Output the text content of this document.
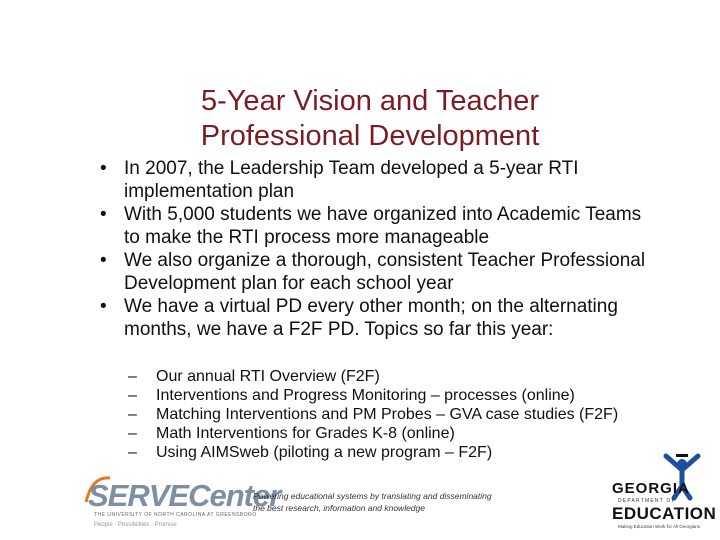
5-Year Vision and Teacher
Professional Development
• In 2007, the Leadership Team developed a 5-year RTI implementation plan
• With 5,000 students we have organized into Academic Teams to make the RTI process more manageable
• We also organize a thorough, consistent Teacher Professional Development plan for each school year
• We have a virtual PD every other month; on the alternating months, we have a F2F PD. Topics so far this year:
– Our annual RTI Overview (F2F)
– Interventions and Progress Monitoring – processes (online)
– Matching Interventions and PM Probes – GVA case studies (F2F)
– Math Interventions for Grades K-8 (online)
– Using AIMSweb (piloting a new program – F2F)
SERVECenter
THE UNIVERSITY OF NORTH CAROLINA AT GREENSBORO
People · Possibilities · Promise
Powering educational systems by translating and disseminating
the best research, information and knowledge
GEORGIA
DEPARTMENT OF
EDUCATION
Making Education Work for All Georgians
